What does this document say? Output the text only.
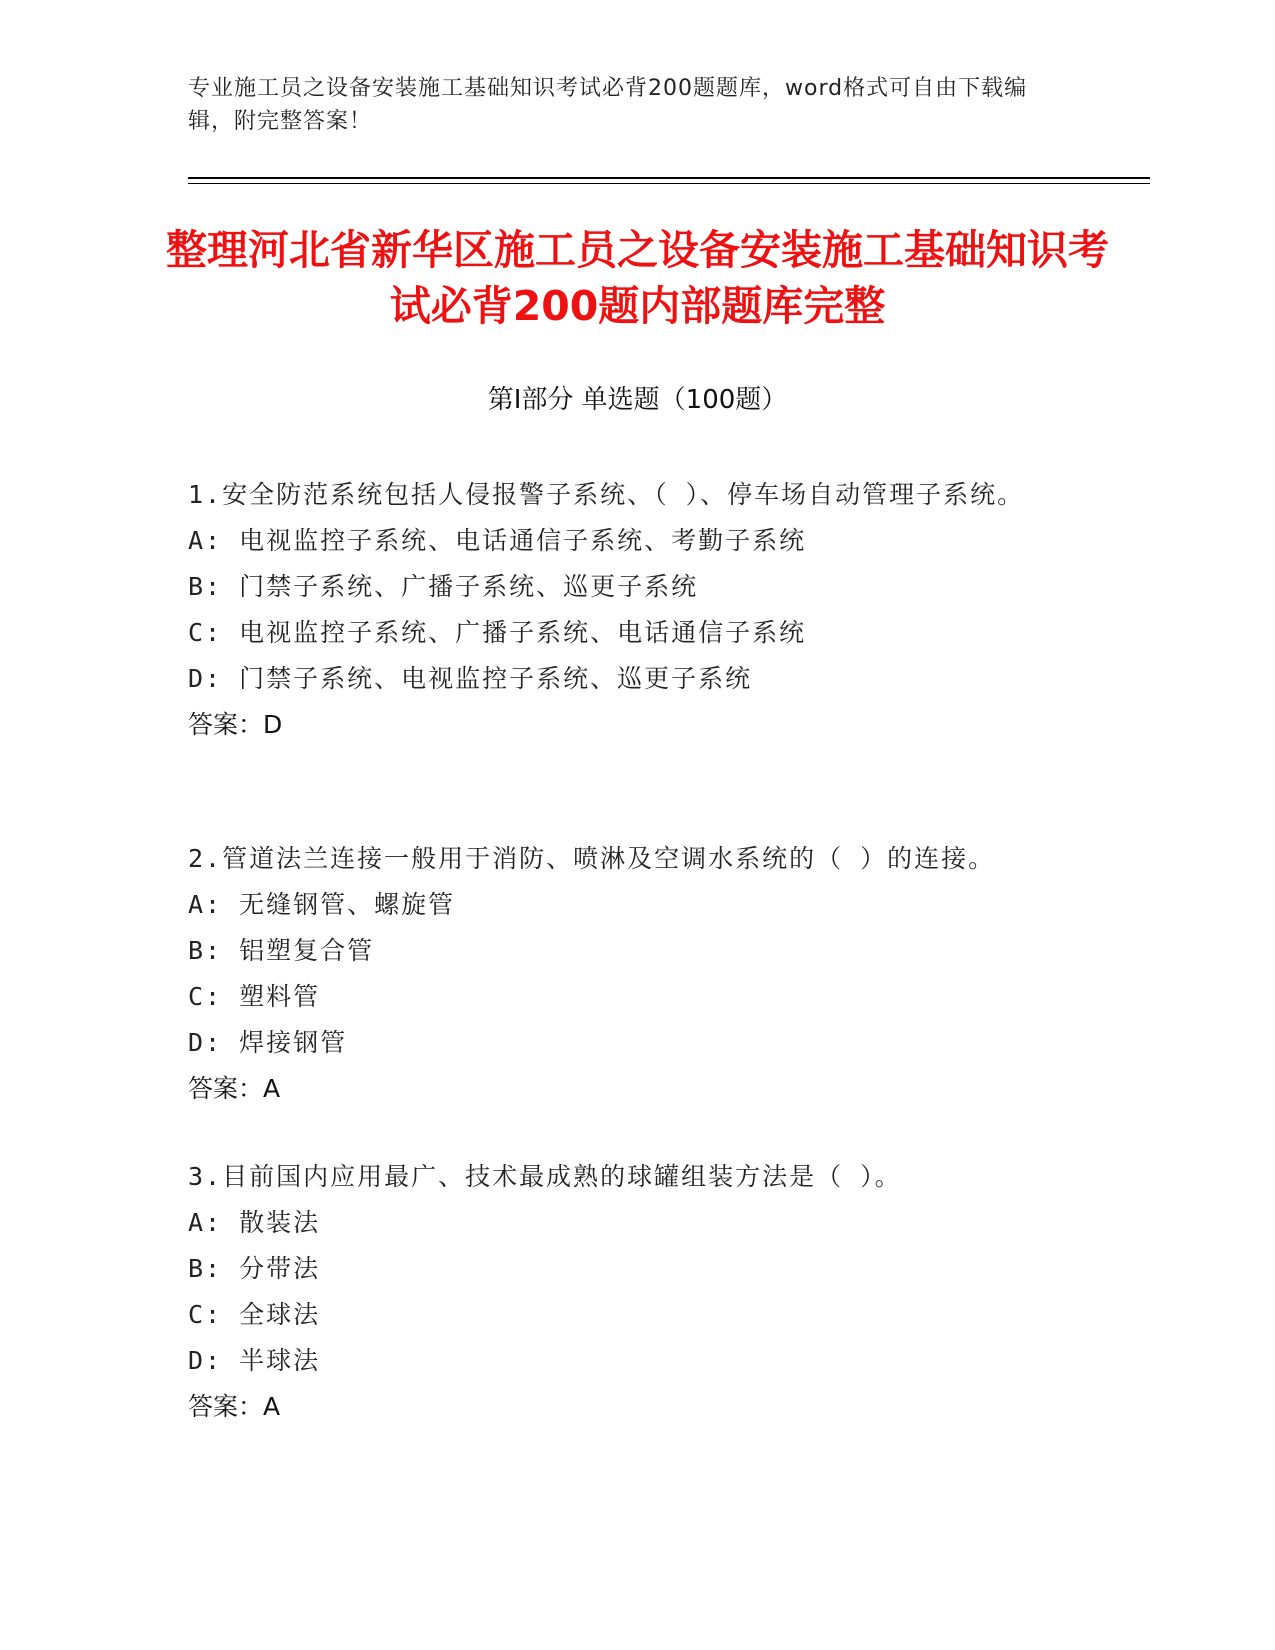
专业施工员之设备安装施工基础知识考试必背200题题库，word格式可自由下载编辑，附完整答案！
整理河北省新华区施工员之设备安装施工基础知识考试必背200题内部题库完整
第Ⅰ部分 单选题（100题）
1.安全防范系统包括人侵报警子系统、（ ）、停车场自动管理子系统。
A: 电视监控子系统、电话通信子系统、考勤子系统
B: 门禁子系统、广播子系统、巡更子系统
C: 电视监控子系统、广播子系统、电话通信子系统
D: 门禁子系统、电视监控子系统、巡更子系统
答案：D
2.管道法兰连接一般用于消防、喷淋及空调水系统的（ ）的连接。
A: 无缝钢管、螺旋管
B: 铝塑复合管
C: 塑料管
D: 焊接钢管
答案：A
3.目前国内应用最广、技术最成熟的球罐组装方法是（ ）。
A: 散装法
B: 分带法
C: 全球法
D: 半球法
答案：A
